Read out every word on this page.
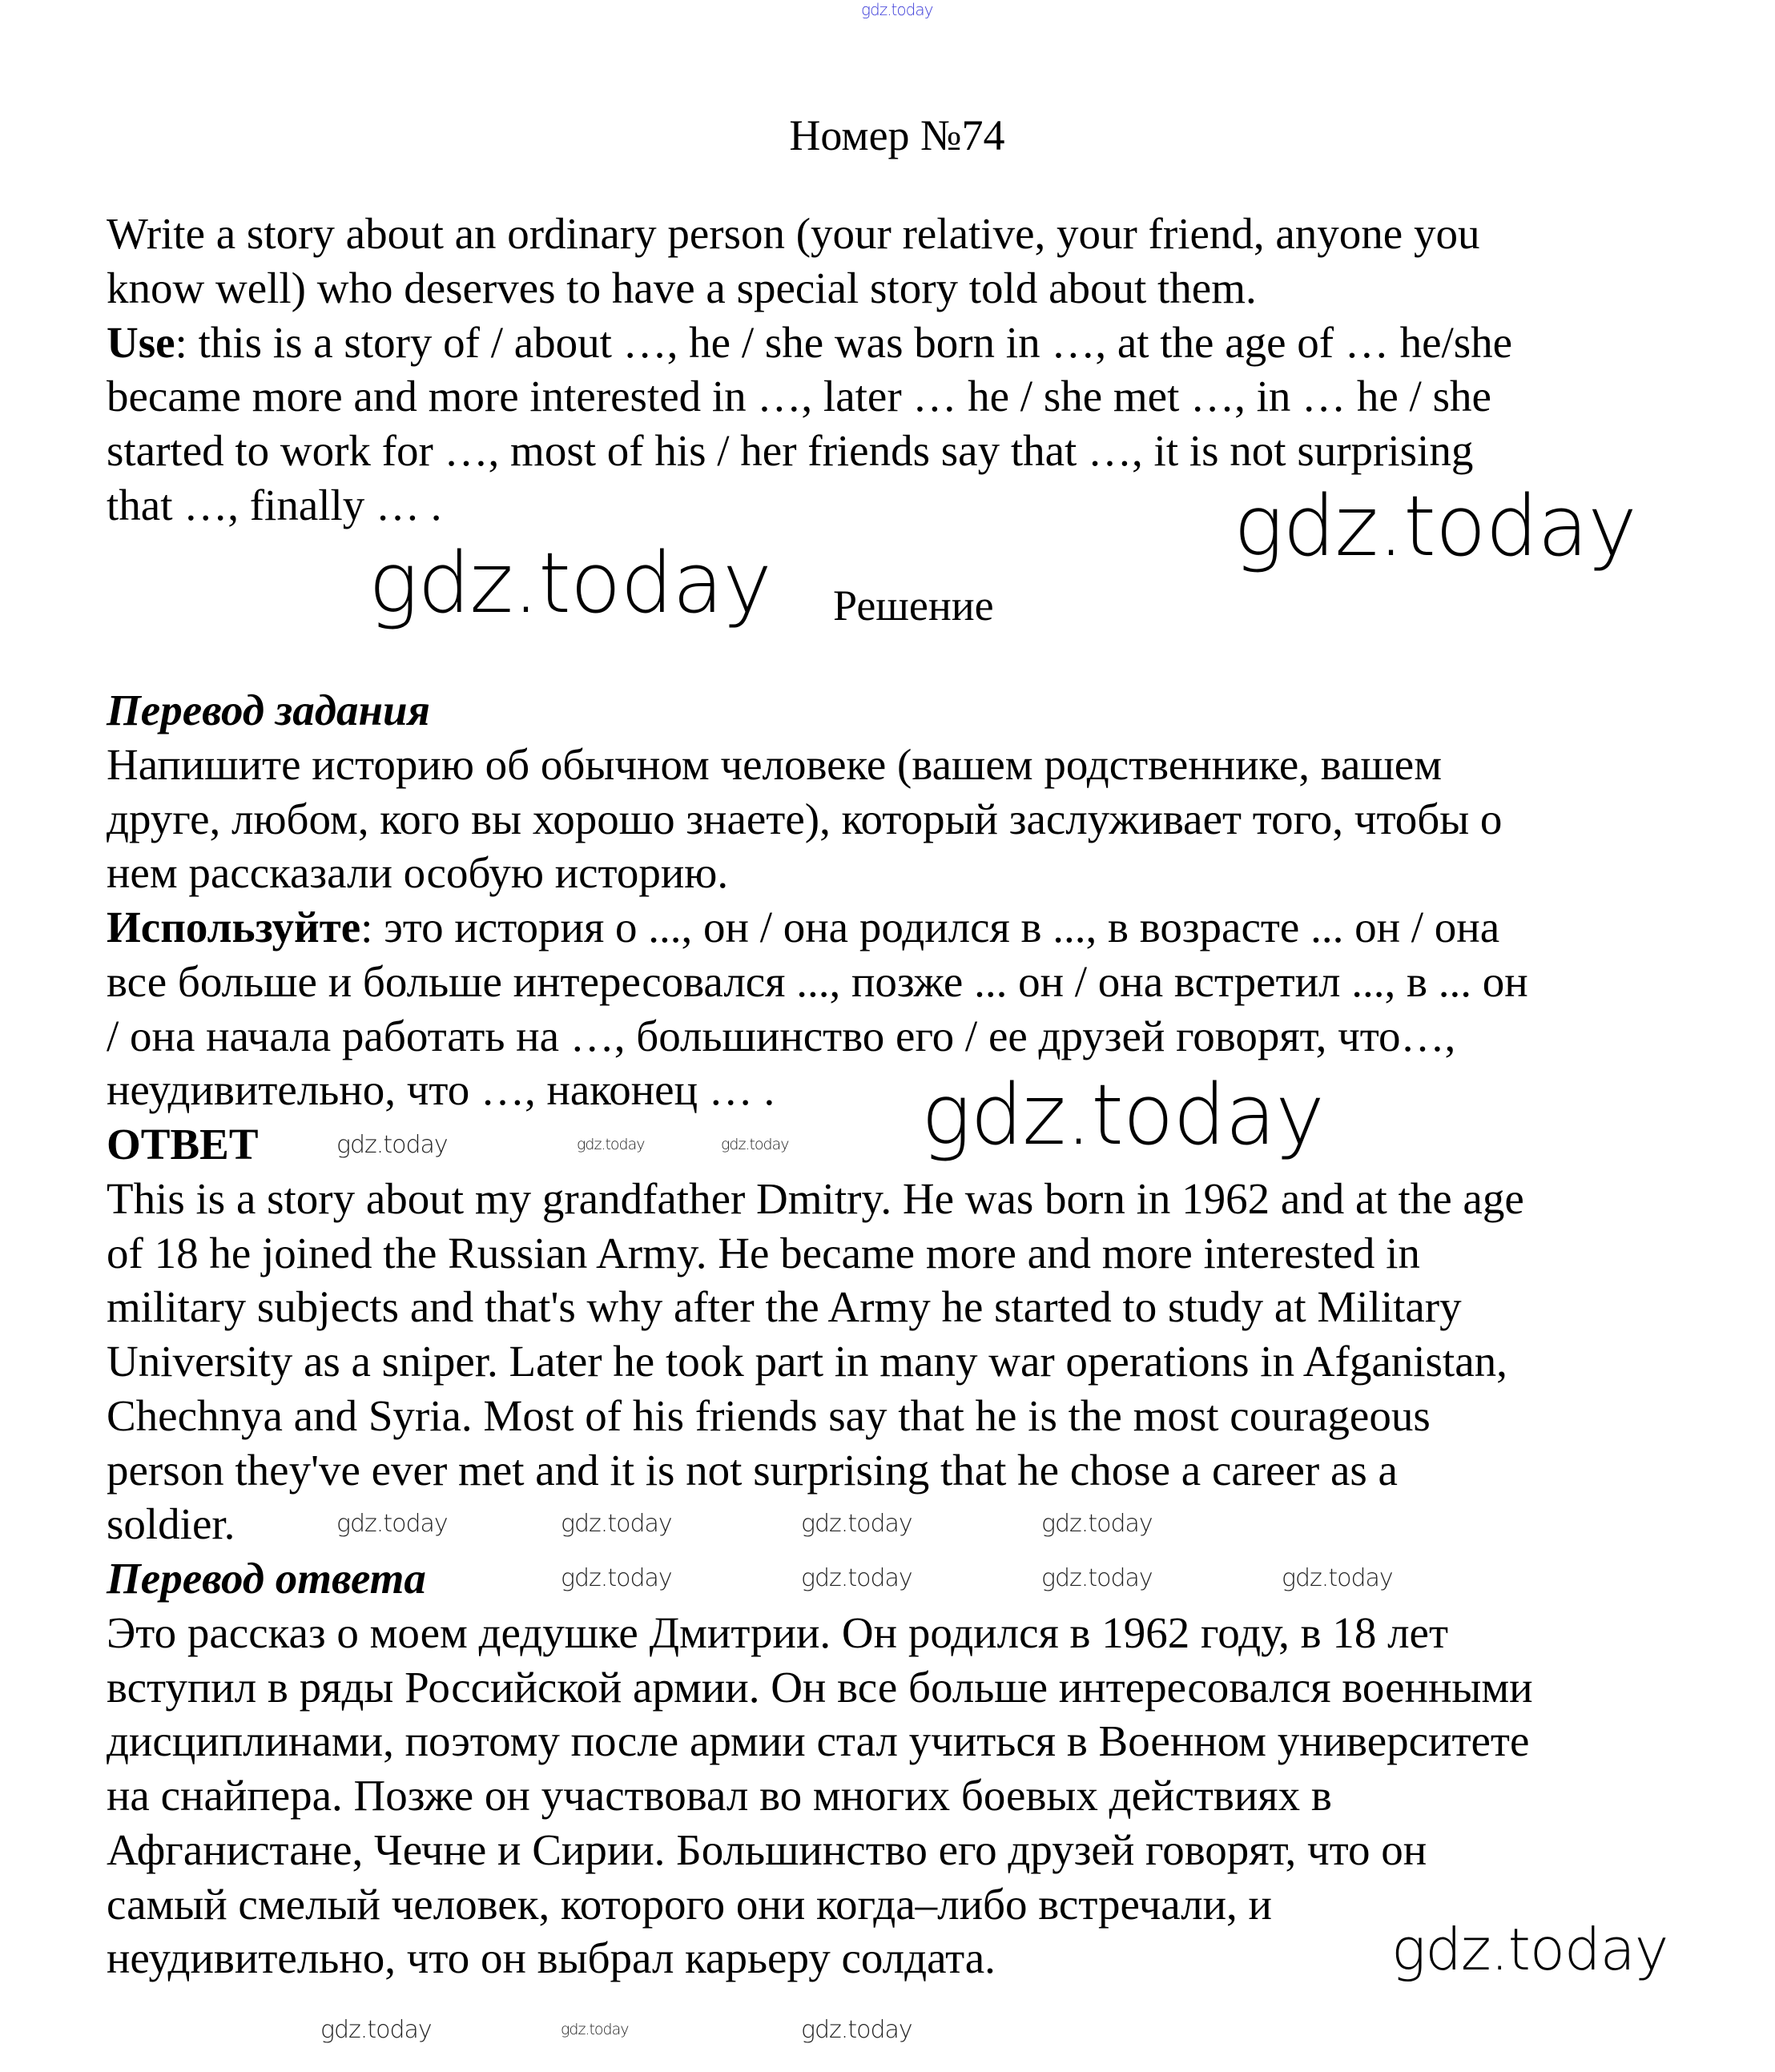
Номер №74
Write a story about an ordinary person (your relative, your friend, anyone you
know well) who deserves to have a special story told about them.
Use: this is a story of / about …, he / she was born in …, at the age of … he/she
became more and more interested in …, later … he / she met …, in … he / she
started to work for …, most of his / her friends say that …, it is not surprising
that …, finally … .
Решение
Перевод задания
Напишите историю об обычном человеке (вашем родственнике, вашем
друге, любом, кого вы хорошо знаете), который заслуживает того, чтобы о
нем рассказали особую историю.
Используйте: это история о ..., он / она родился в ..., в возрасте ... он / она
все больше и больше интересовался ..., позже ... он / она встретил ..., в ... он
/ она начала работать на …, большинство его / ее друзей говорят, что…,
неудивительно, что …, наконец … .
ОТВЕТ
This is a story about my grandfather Dmitry. He was born in 1962 and at the age
of 18 he joined the Russian Army. He became more and more interested in
military subjects and that's why after the Army he started to study at Military
University as a sniper. Later he took part in many war operations in Afganistan,
Chechnya and Syria. Most of his friends say that he is the most courageous
person they've ever met and it is not surprising that he chose a career as a
soldier.
Перевод ответа
Это рассказ о моем дедушке Дмитрии. Он родился в 1962 году, в 18 лет
вступил в ряды Российской армии. Он все больше интересовался военными
дисциплинами, поэтому после армии стал учиться в Военном университете
на снайпера. Позже он участвовал во многих боевых действиях в
Афганистане, Чечне и Сирии. Большинство его друзей говорят, что он
самый смелый человек, которого они когда–либо встречали, и
неудивительно, что он выбрал карьеру солдата.
gdz.today
gdz.today
gdz.today
gdz.today
gdz.today
gdz.today	gdz.today	gdz.today
gdz.today	gdz.today	gdz.today	gdz.today
gdz.today	gdz.today	gdz.today	gdz.today
gdz.today	gdz.today	gdz.today
